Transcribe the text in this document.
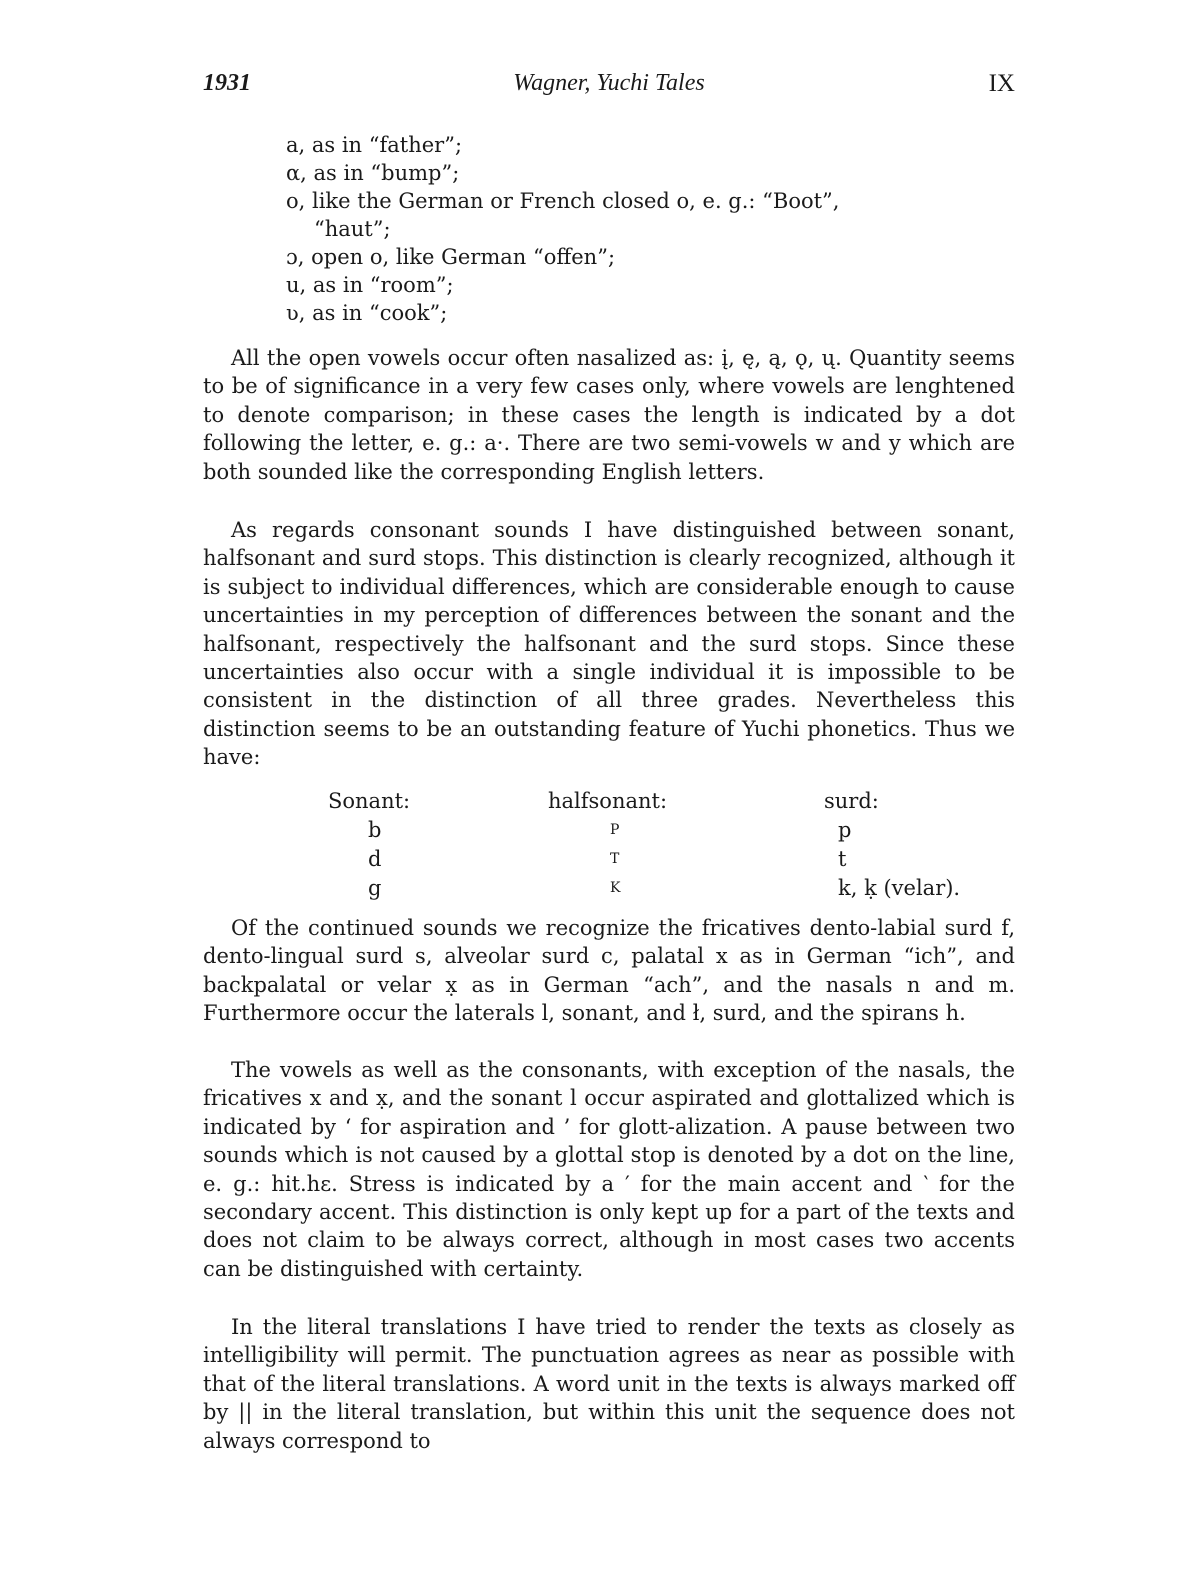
1931	Wagner, Yuchi Tales	IX
a, as in “father”;
α, as in “bump”;
o, like the German or French closed o, e. g.: “Boot”,
“haut”;
ɔ, open o, like German “offen”;
u, as in “room”;
ʋ, as in “cook”;

All the open vowels occur often nasalized as: į, ę, ą, ǫ, ų. Quantity seems to be of significance in a very few cases only, where vowels are lenghtened to denote comparison; in these cases the length is indicated by a dot following the letter, e. g.: a·. There are two semi-vowels w and y which are both sounded like the corresponding English letters.

As regards consonant sounds I have distinguished between sonant, halfsonant and surd stops. This distinction is clearly recognized, although it is subject to individual differences, which are considerable enough to cause uncertainties in my perception of differences between the sonant and the halfsonant, respectively the halfsonant and the surd stops. Since these uncertainties also occur with a single individual it is impossible to be consistent in the distinction of all three grades. Nevertheless this distinction seems to be an outstanding feature of Yuchi phonetics. Thus we have:

Sonant:
b
d
g
halfsonant:
P
T
K
surd:
p
t
k, ḳ (velar).

Of the continued sounds we recognize the fricatives dento-labial surd f, dento-lingual surd s, alveolar surd c, palatal x as in German “ich”, and backpalatal or velar x̣ as in German “ach”, and the nasals n and m. Furthermore occur the laterals l, sonant, and ł, surd, and the spirans h.

The vowels as well as the consonants, with exception of the nasals, the fricatives x and x̣, and the sonant l occur aspirated and glottalized which is indicated by ‘ for aspiration and ’ for glott-alization. A pause between two sounds which is not caused by a glottal stop is denoted by a dot on the line, e. g.: hit.hɛ. Stress is indicated by a ′ for the main accent and ‵ for the secondary accent. This distinction is only kept up for a part of the texts and does not claim to be always correct, although in most cases two accents can be distinguished with certainty.

In the literal translations I have tried to render the texts as closely as intelligibility will permit. The punctuation agrees as near as possible with that of the literal translations. A word unit in the texts is always marked off by || in the literal translation, but within this unit the sequence does not always correspond to
